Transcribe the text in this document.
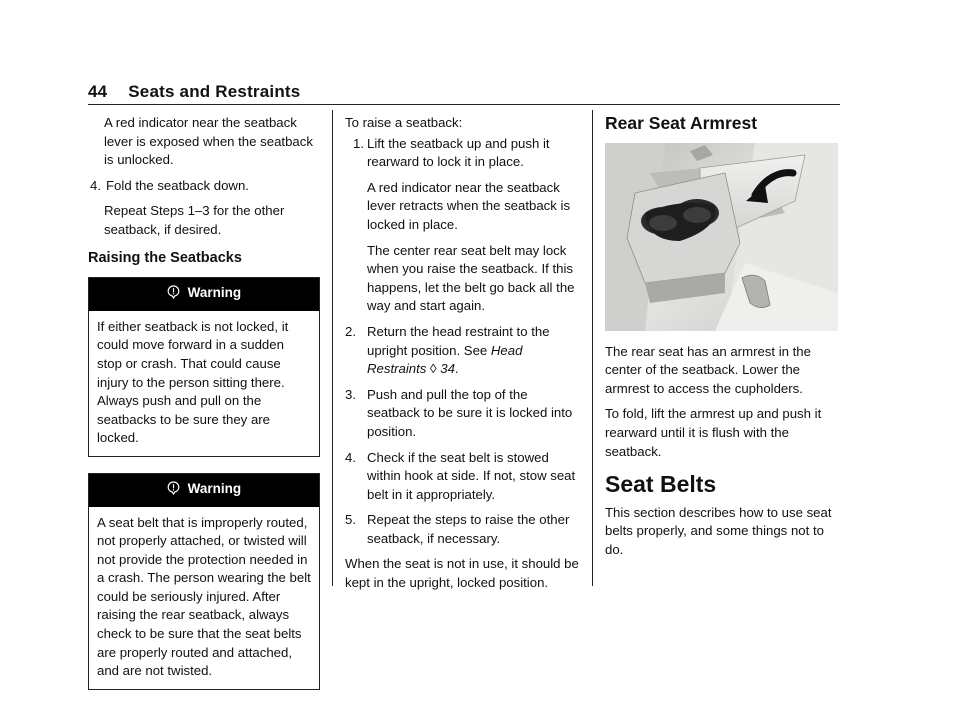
44 Seats and Restraints

A red indicator near the seatback lever is exposed when the seatback is unlocked.

4. Fold the seatback down.

Repeat Steps 1–3 for the other seatback, if desired.

Raising the Seatbacks
Warning
If either seatback is not locked, it could move forward in a sudden stop or crash. That could cause injury to the person sitting there. Always push and pull on the seatbacks to be sure they are locked.
Warning
A seat belt that is improperly routed, not properly attached, or twisted will not provide the protection needed in a crash. The person wearing the belt could be seriously injured. After raising the rear seatback, always check to be sure that the seat belts are properly routed and attached, and are not twisted.

To raise a seatback:

1. Lift the seatback up and push it rearward to lock it in place.

A red indicator near the seatback lever retracts when the seatback is locked in place.

The center rear seat belt may lock when you raise the seatback. If this happens, let the belt go back all the way and start again.

2. Return the head restraint to the upright position. See Head Restraints ◊ 34.

3. Push and pull the top of the seatback to be sure it is locked into position.

4. Check if the seat belt is stowed within hook at side. If not, stow seat belt in it appropriately.

5. Repeat the steps to raise the other seatback, if necessary.

When the seat is not in use, it should be kept in the upright, locked position.

Rear Seat Armrest

The rear seat has an armrest in the center of the seatback. Lower the armrest to access the cupholders.

To fold, lift the armrest up and push it rearward until it is flush with the seatback.

Seat Belts

This section describes how to use seat belts properly, and some things not to do.
